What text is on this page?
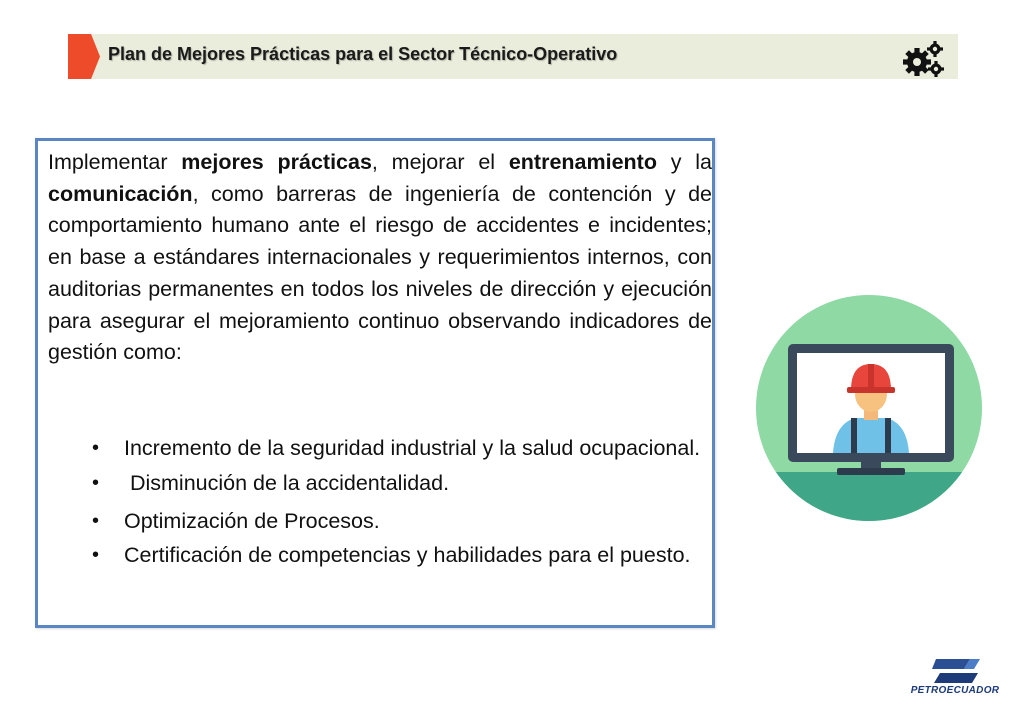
Plan de Mejores Prácticas para el Sector Técnico-Operativo

Implementar mejores prácticas, mejorar el entrenamiento y la comunicación, como barreras de ingeniería de contención y de comportamiento humano ante el riesgo de accidentes e incidentes; en base a estándares internacionales y requerimientos internos, con auditorias permanentes en todos los niveles de dirección y ejecución para asegurar el mejoramiento continuo observando indicadores de gestión como:

• Incremento de la seguridad industrial y la salud ocupacional.
• Disminución de la accidentalidad.
• Optimización de Procesos.
• Certificación de competencias y habilidades para el puesto.
PETROECUADOR
